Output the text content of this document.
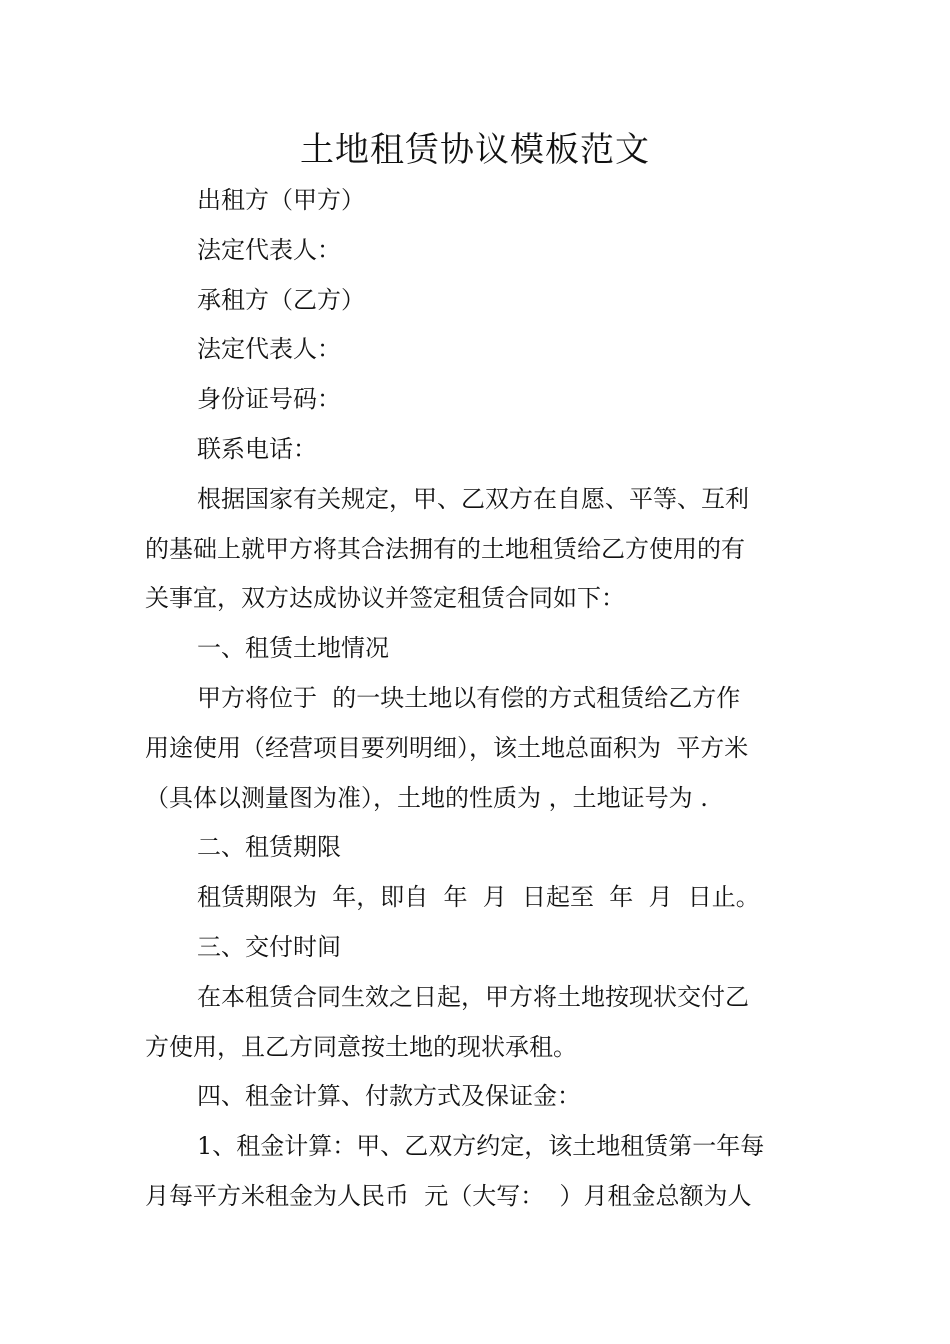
土地租赁协议模板范文

出租方（甲方）

法定代表人：

承租方（乙方）

法定代表人：

身份证号码：

联系电话：

根据国家有关规定，甲、乙双方在自愿、平等、互利

的基础上就甲方将其合法拥有的土地租赁给乙方使用的有

关事宜，双方达成协议并签定租赁合同如下：

一、租赁土地情况

甲方将位于  的一块土地以有偿的方式租赁给乙方作

用途使用（经营项目要列明细），该土地总面积为  平方米

（具体以测量图为准），土地的性质为 ，土地证号为 .

二、租赁期限

租赁期限为  年，即自  年  月  日起至  年  月  日止。

三、交付时间

在本租赁合同生效之日起，甲方将土地按现状交付乙

方使用，且乙方同意按土地的现状承租。

四、租金计算、付款方式及保证金：

1、租金计算：甲、乙双方约定，该土地租赁第一年每

月每平方米租金为人民币  元（大写：  ）月租金总额为人
